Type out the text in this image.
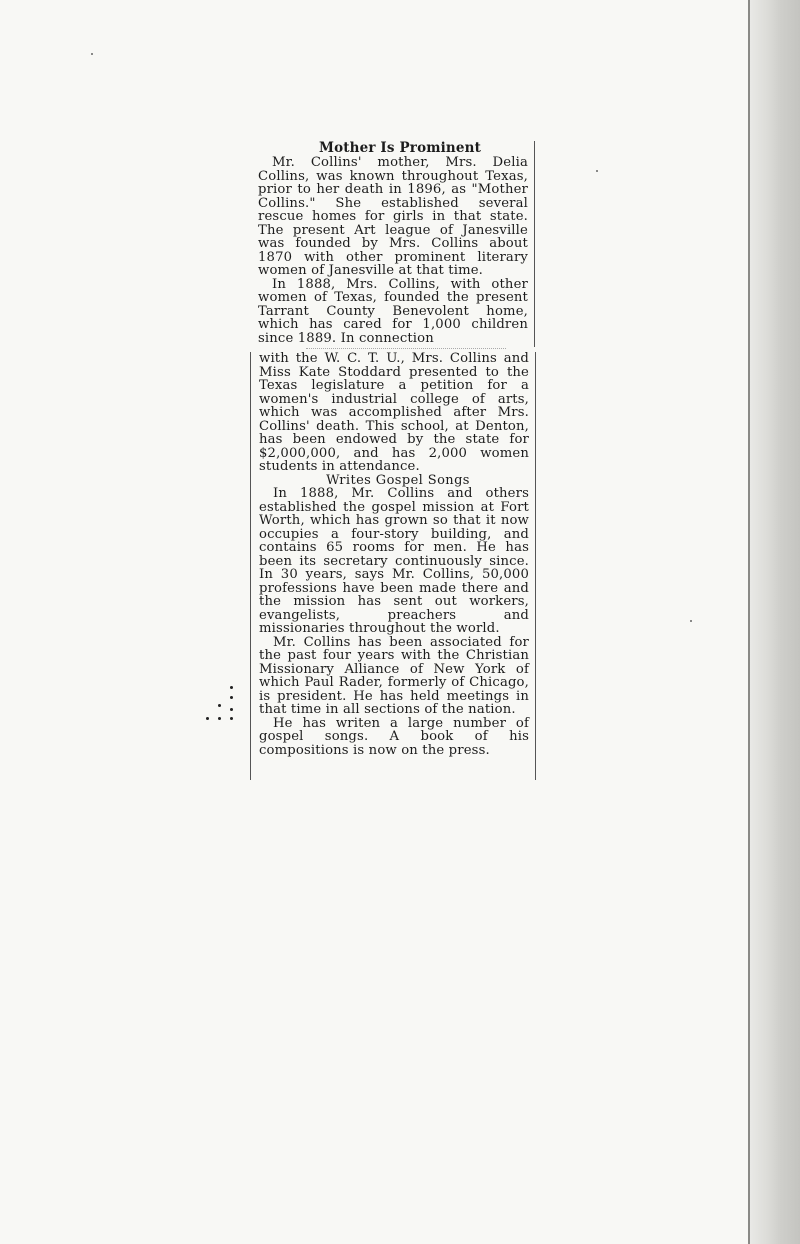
Mother Is Prominent

Mr. Collins' mother, Mrs. Delia Collins, was known throughout Texas, prior to her death in 1896, as "Mother Collins." She established several rescue homes for girls in that state. The present Art league of Janesville was founded by Mrs. Collins about 1870 with other prominent literary women of Janesville at that time.

In 1888, Mrs. Collins, with other women of Texas, founded the present Tarrant County Benevolent home, which has cared for 1,000 children since 1889. In connection

with the W. C. T. U., Mrs. Collins and Miss Kate Stoddard presented to the Texas legislature a petition for a women's industrial college of arts, which was accomplished after Mrs. Collins' death. This school, at Denton, has been endowed by the state for $2,000,000, and has 2,000 women students in attendance.

Writes Gospel Songs

In 1888, Mr. Collins and others established the gospel mission at Fort Worth, which has grown so that it now occupies a four-story building, and contains 65 rooms for men. He has been its secretary continuously since. In 30 years, says Mr. Collins, 50,000 professions have been made there and the mission has sent out workers, evangelists, preachers and missionaries throughout the world.

Mr. Collins has been associated for the past four years with the Christian Missionary Alliance of New York of which Paul Rader, formerly of Chicago, is president. He has held meetings in that time in all sections of the nation.

He has writen a large number of gospel songs. A book of his compositions is now on the press.
